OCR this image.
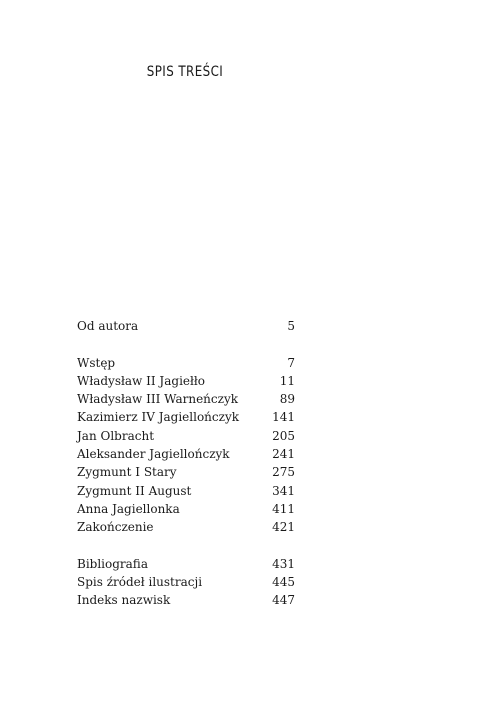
SPIS TREŚCI
Od autora	5
Wstęp	7
Władysław II Jagiełło	11
Władysław III Warneńczyk	89
Kazimierz IV Jagiellończyk	141
Jan Olbracht	205
Aleksander Jagiellończyk	241
Zygmunt I Stary	275
Zygmunt II August	341
Anna Jagiellonka	411
Zakończenie	421
Bibliografia	431
Spis źródeł ilustracji	445
Indeks nazwisk	447
